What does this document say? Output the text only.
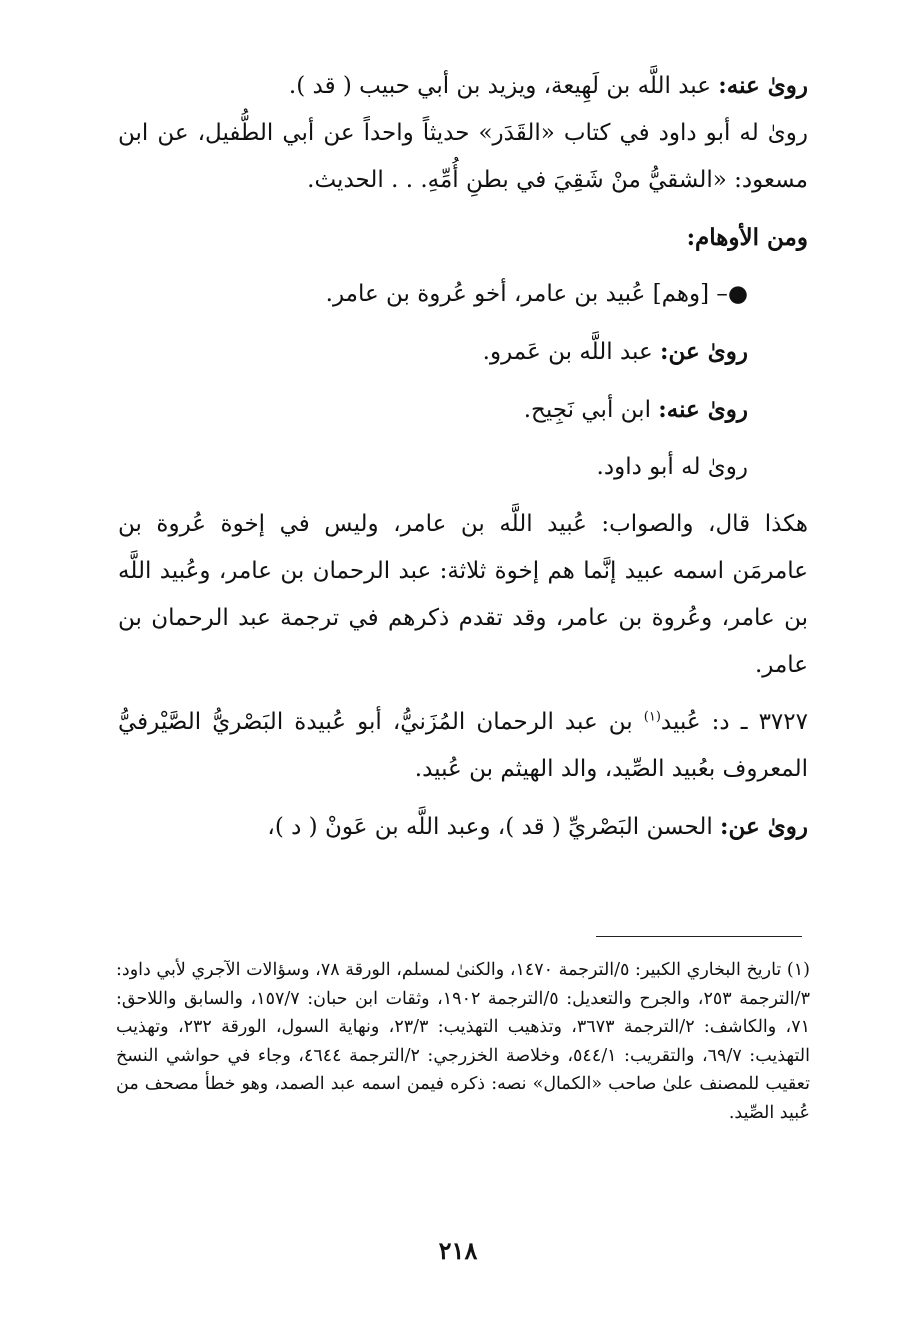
روىٰ عنه: عبد اللَّه بن لَهِيعة، ويزيد بن أبي حبيب ( قد ).

روىٰ له أبو داود في كتاب «القَدَر» حديثاً واحداً عن أبي الطُّفيل، عن ابن مسعود: «الشقيُّ منْ شَقِيَ في بطنِ أُمِّهِ. . . الحديث.

ومن الأوهام:

●– [وهم] عُبيد بن عامر، أخو عُروة بن عامر.

روىٰ عن: عبد اللَّه بن عَمرو.

روىٰ عنه: ابن أبي نَجِيح.

روىٰ له أبو داود.

هكذا قال، والصواب: عُبيد اللَّه بن عامر، وليس في إخوة عُروة بن عامرمَن اسمه عبيد إنَّما هم إخوة ثلاثة: عبد الرحمان بن عامر، وعُبيد اللَّه بن عامر، وعُروة بن عامر، وقد تقدم ذكرهم في ترجمة عبد الرحمان بن عامر.

٣٧٢٧ ـ د: عُبيد$^{(١)}$ بن عبد الرحمان المُزَنيُّ، أبو عُبيدة البَصْريُّ الصَّيْرفيُّ المعروف بعُبيد الصِّيد، والد الهيثم بن عُبيد.

روىٰ عن: الحسن البَصْريِّ ( قد )، وعبد اللَّه بن عَونْ ( د )،

(١) تاريخ البخاري الكبير: ٥/الترجمة ١٤٧٠، والكنىٰ لمسلم، الورقة ٧٨، وسؤالات الآجري لأبي داود: ٣/الترجمة ٢٥٣، والجرح والتعديل: ٥/الترجمة ١٩٠٢، وثقات ابن حبان: ١٥٧/٧، والسابق واللاحق: ٧١، والكاشف: ٢/الترجمة ٣٦٧٣، وتذهيب التهذيب: ٢٣/٣، ونهاية السول، الورقة ٢٣٢، وتهذيب التهذيب: ٦٩/٧، والتقريب: ٥٤٤/١، وخلاصة الخزرجي: ٢/الترجمة ٤٦٤٤، وجاء في حواشي النسخ تعقيب للمصنف علىٰ صاحب «الكمال» نصه: ذكره فيمن اسمه عبد الصمد، وهو خطأ مصحف من عُبيد الصِّيد.

٢١٨
